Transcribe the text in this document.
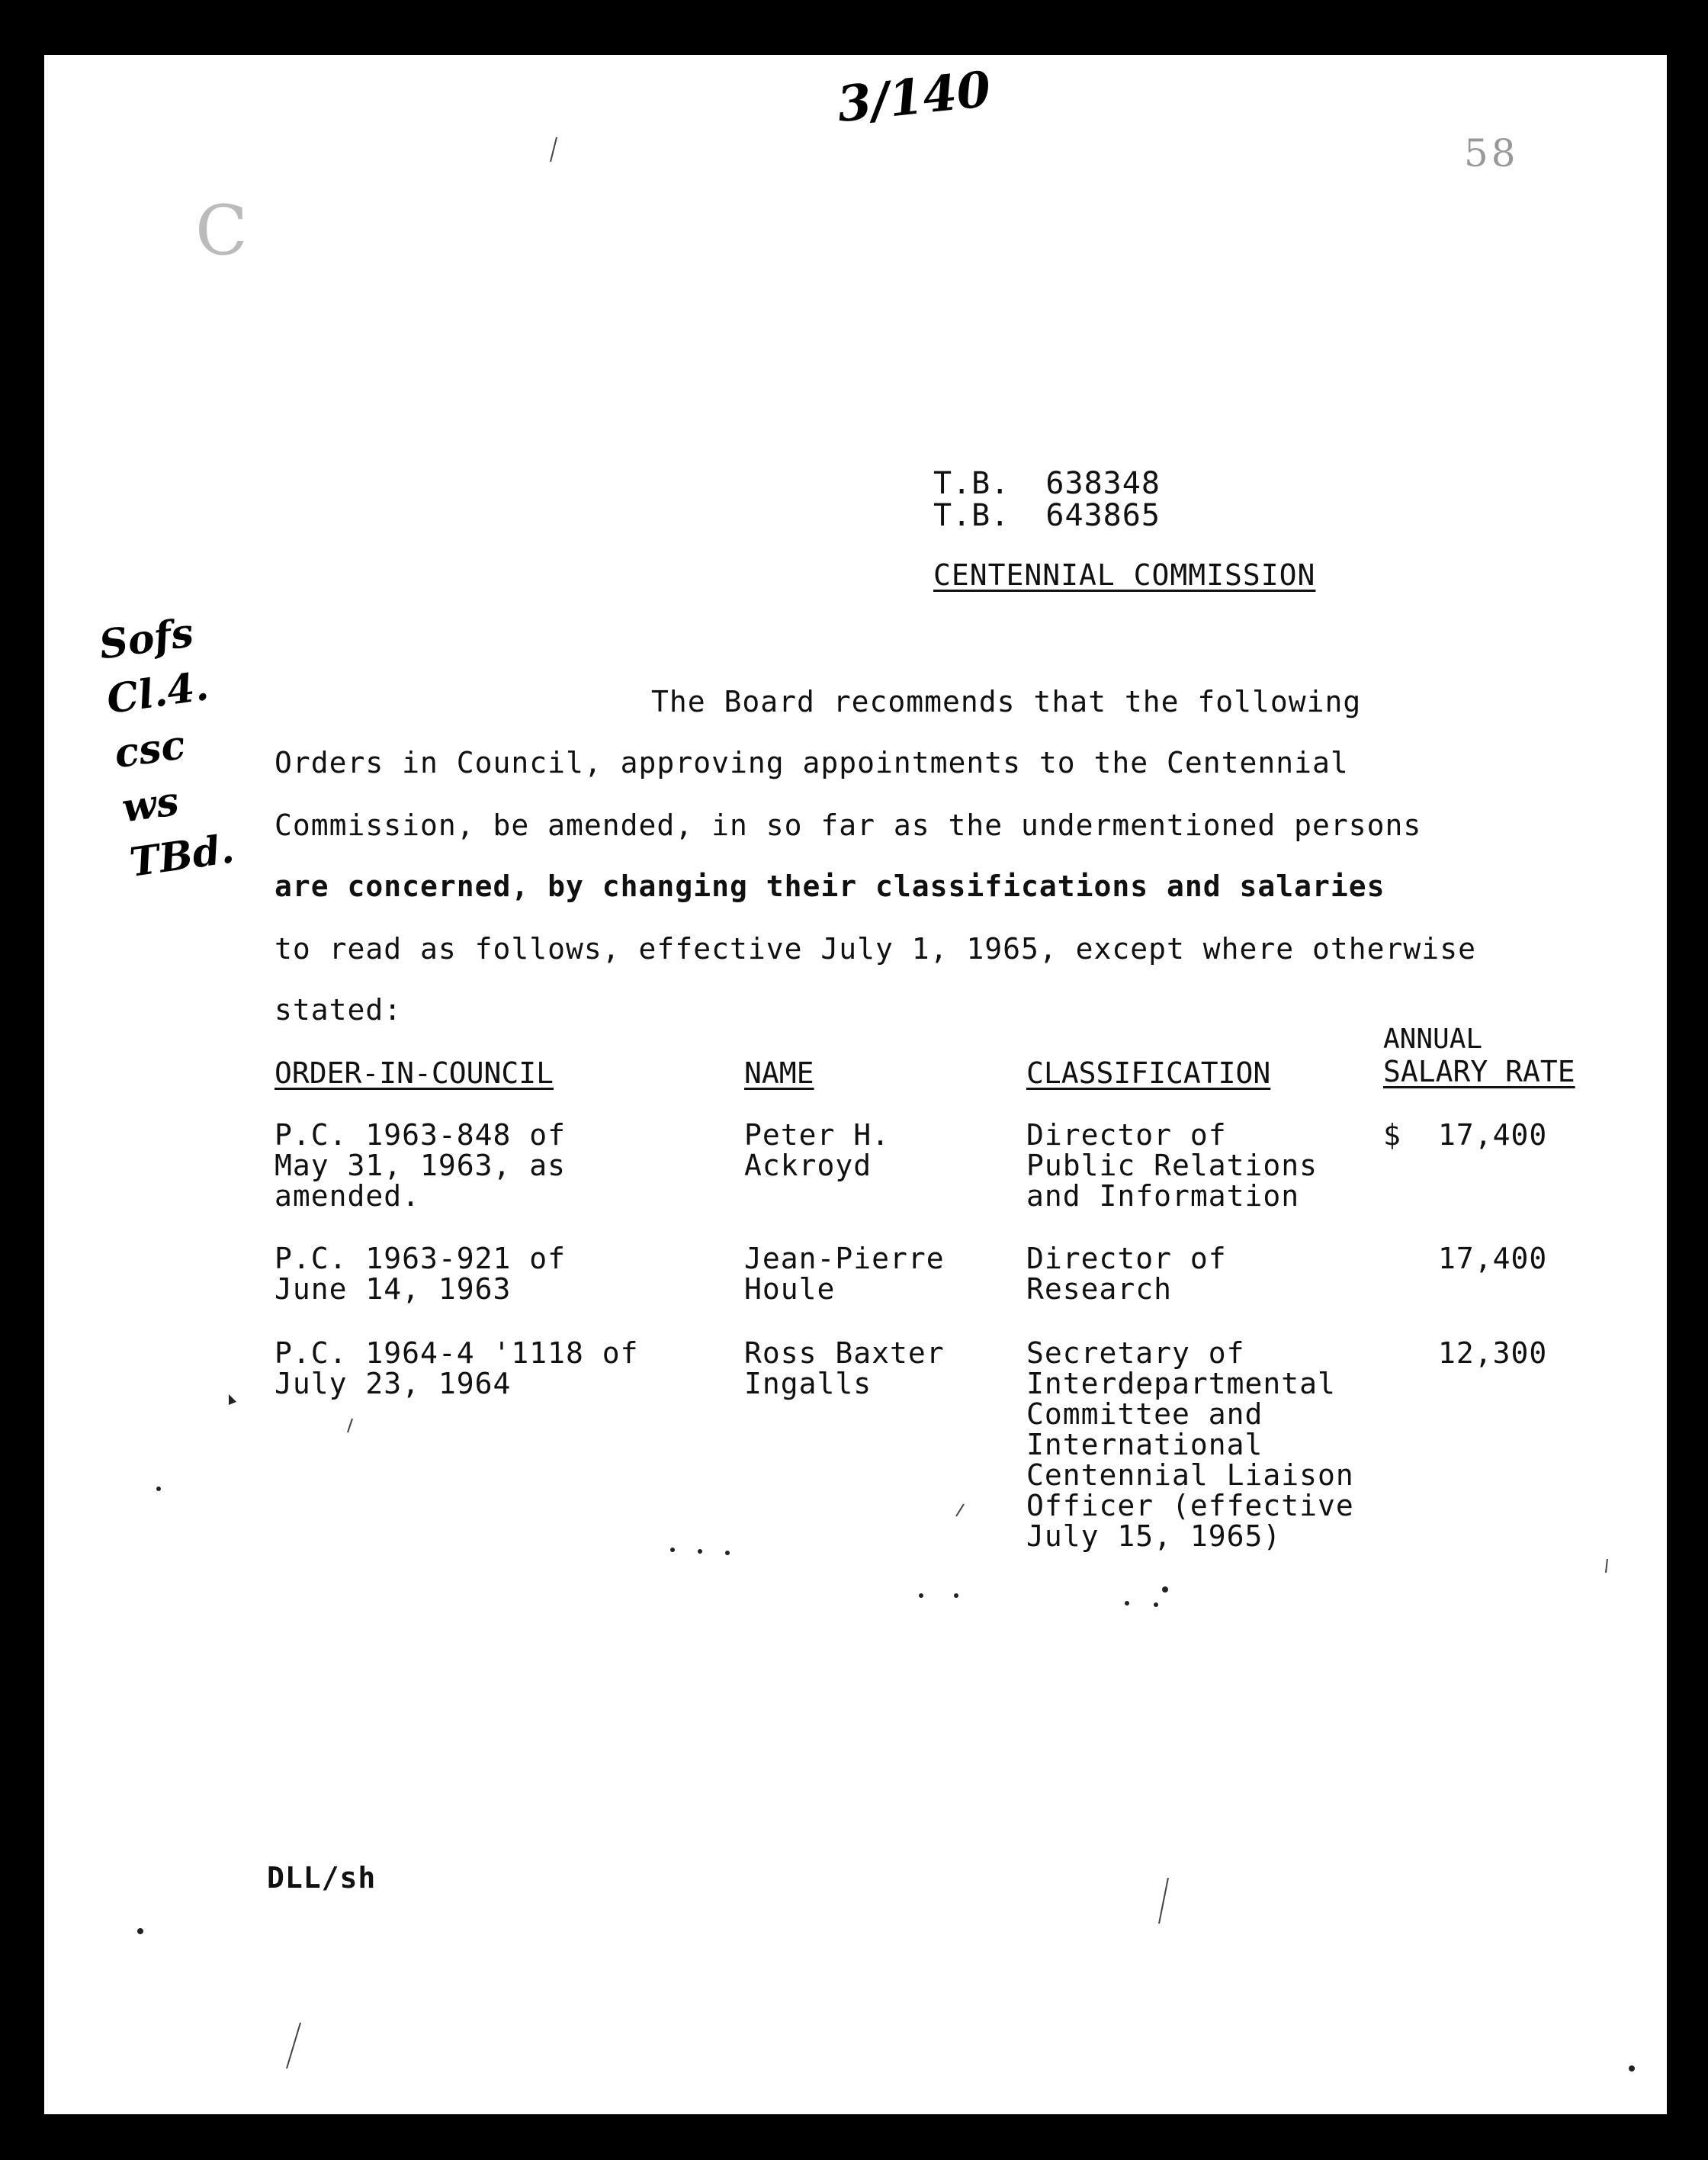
3/140
58
C
Sofs
Cl.4.
csc
ws
TBd.
T.B. 638348
T.B. 643865
CENTENNIAL COMMISSION
The Board recommends that the following
Orders in Council, approving appointments to the Centennial
Commission, be amended, in so far as the undermentioned persons
are concerned, by changing their classifications and salaries
to read as follows, effective July 1, 1965, except where otherwise
stated:
ORDER-IN-COUNCIL	NAME	CLASSIFICATION
ANNUAL
SALARY RATE
P.C. 1963-848 of
May 31, 1963, as
amended.
Peter H.
Ackroyd
Director of
Public Relations
and Information
$ 17,400
P.C. 1963-921 of
June 14, 1963
Jean-Pierre
Houle
Director of
Research
17,400
P.C. 1964-4 '1118 of
July 23, 1964
Ross Baxter
Ingalls
Secretary of
Interdepartmental
Committee and
International
Centennial Liaison
Officer (effective
July 15, 1965)
12,300
DLL/sh
